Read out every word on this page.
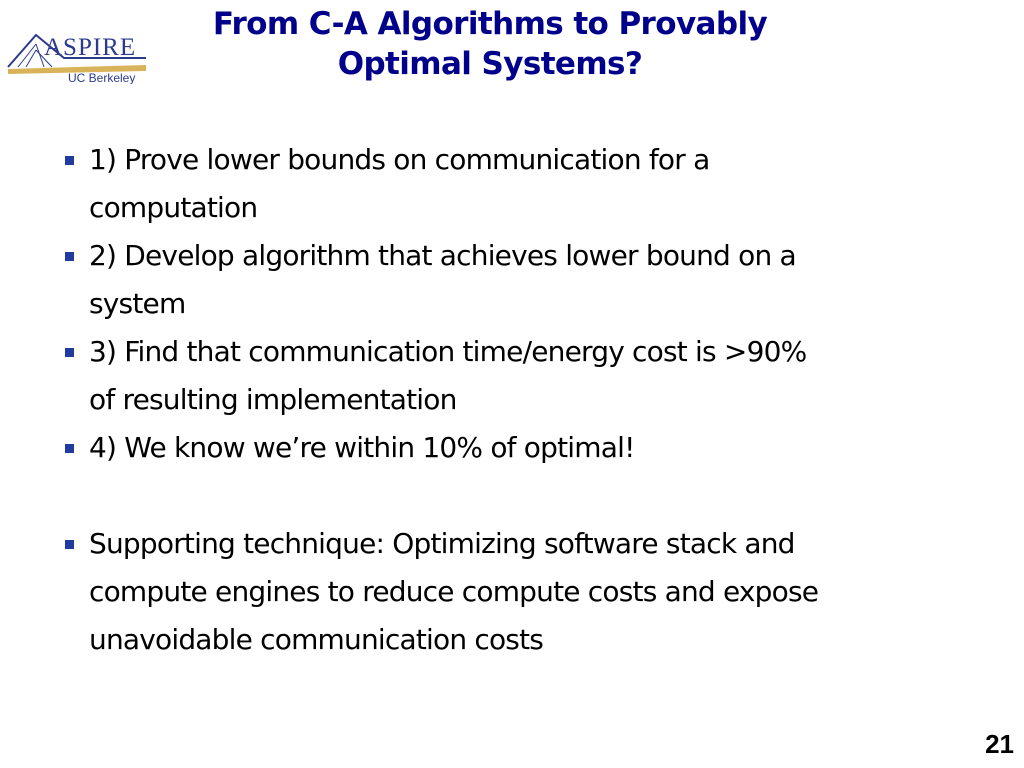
ASPIRE
UC Berkeley
From C-A Algorithms to Provably
Optimal Systems?
1) Prove lower bounds on communication for a
computation
2) Develop algorithm that achieves lower bound on a
system
3) Find that communication time/energy cost is >90%
of resulting implementation
4) We know we’re within 10% of optimal!
Supporting technique: Optimizing software stack and
compute engines to reduce compute costs and expose
unavoidable communication costs
21
